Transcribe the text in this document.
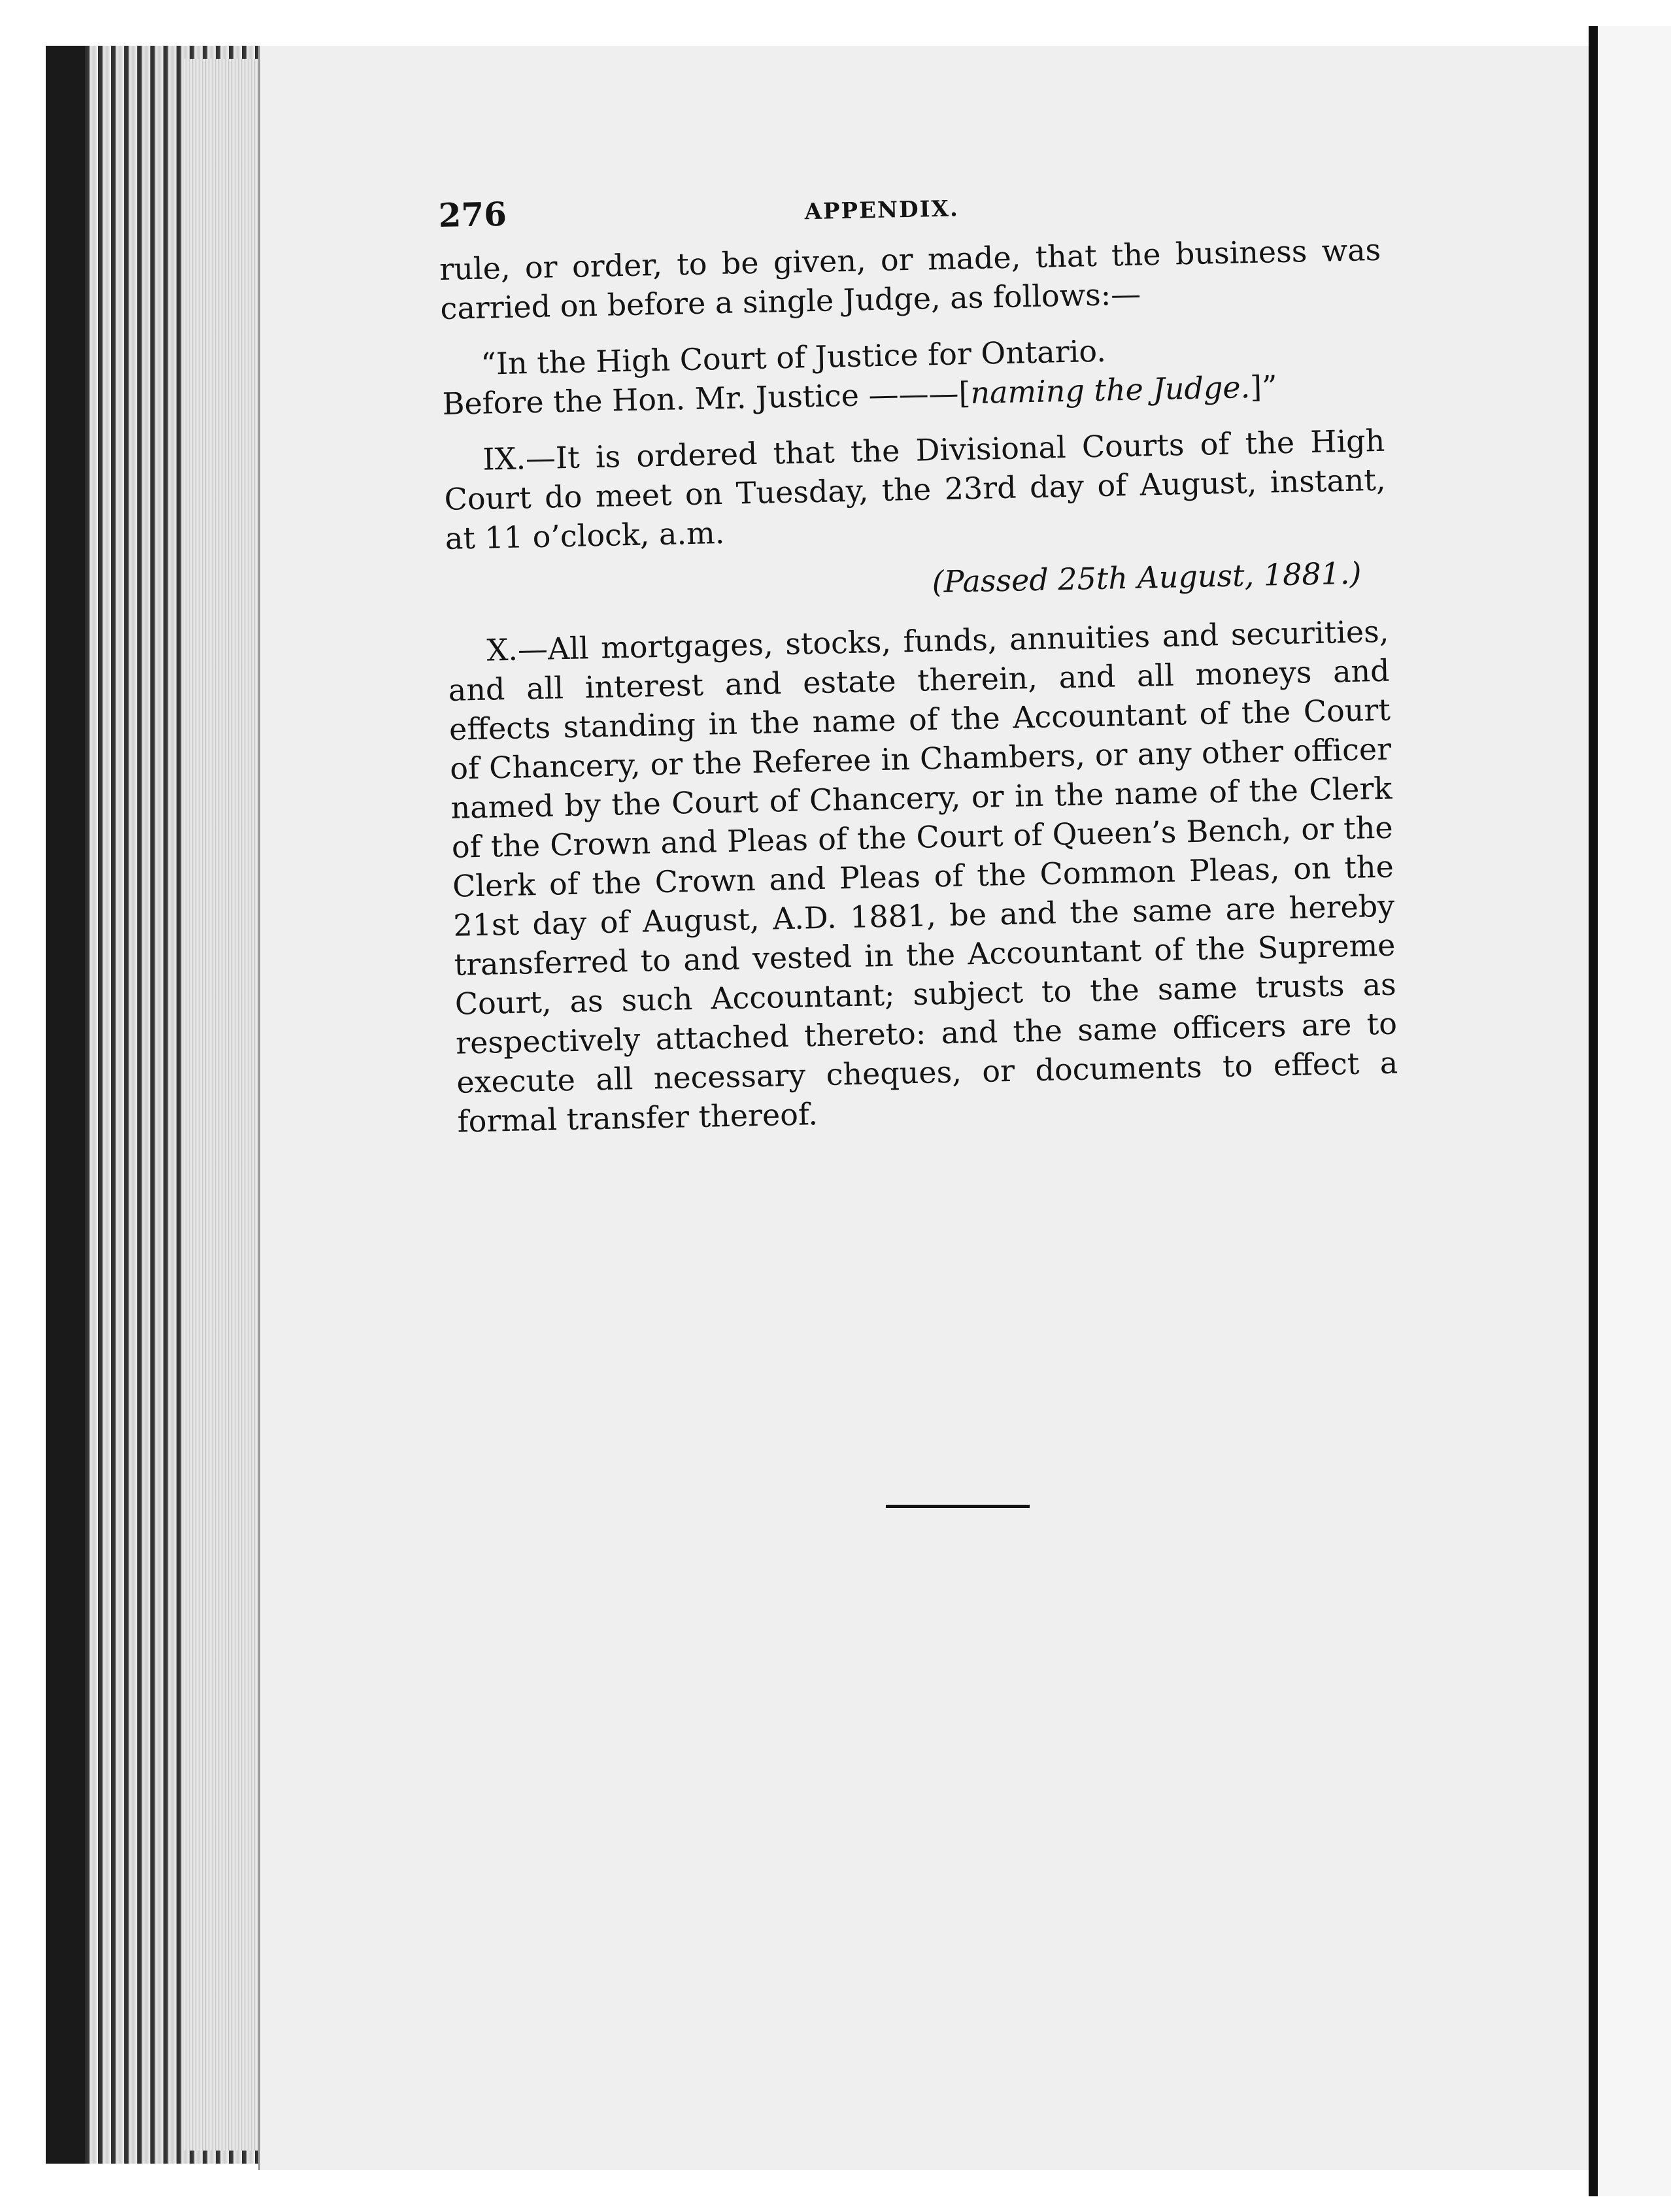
276	APPENDIX.

rule, or order, to be given, or made, that the business was carried on before a single Judge, as follows:—

“In the High Court of Justice for Ontario.

Before the Hon. Mr. Justice ———[naming the Judge.]”

IX.—It is ordered that the Divisional Courts of the High Court do meet on Tuesday, the 23rd day of August, instant, at 11 o’clock, a.m.

(Passed 25th August, 1881.)

X.—All mortgages, stocks, funds, annuities and securities, and all interest and estate therein, and all moneys and effects standing in the name of the Accountant of the Court of Chancery, or the Referee in Chambers, or any other officer named by the Court of Chancery, or in the name of the Clerk of the Crown and Pleas of the Court of Queen’s Bench, or the Clerk of the Crown and Pleas of the Common Pleas, on the 21st day of August, A.D. 1881, be and the same are hereby transferred to and vested in the Accountant of the Supreme Court, as such Accountant; subject to the same trusts as respectively attached thereto: and the same officers are to execute all necessary cheques, or documents to effect a formal transfer thereof.
